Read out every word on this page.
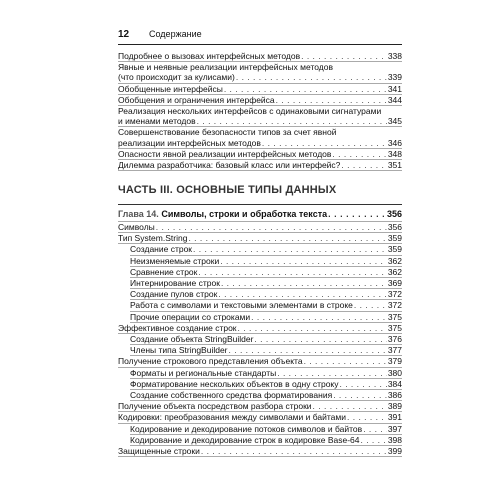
12	Содержание
Подробнее о вызовах интерфейсных методов . . .	338
Явные и неявные реализации интерфейсных методов
(что происходит за кулисами) . . .	339
Обобщенные интерфейсы . . .	341
Обобщения и ограничения интерфейса . . .	344
Реализация нескольких интерфейсов с одинаковыми сигнатурами
и именами методов . . .	345
Совершенствование безопасности типов за счет явной
реализации интерфейсных методов . . .	346
Опасности явной реализации интерфейсных методов . . .	348
Дилемма разработчика: базовый класс или интерфейс? . . .	351
ЧАСТЬ III. ОСНОВНЫЕ ТИПЫ ДАННЫХ
Глава 14.
Символы, строки и обработка текста . . .	356
Символы . . .	356
Тип System.String . . .	359
Создание строк . . .	359
Неизменяемые строки . . .	362
Сравнение строк . . .	362
Интернирование строк . . .	369
Создание пулов строк . . .	372
Работа с символами и текстовыми элементами в строке . . .	372
Прочие операции со строками . . .	375
Эффективное создание строк . . .	375
Создание объекта StringBuilder . . .	376
Члены типа StringBuilder . . .	377
Получение строкового представления объекта . . .	379
Форматы и региональные стандарты . . .	380
Форматирование нескольких объектов в одну строку . . .	384
Создание собственного средства форматирования . . .	386
Получение объекта посредством разбора строки . . .	389
Кодировки: преобразования между символами и байтами . . .	391
Кодирование и декодирование потоков символов и байтов . . .	397
Кодирование и декодирование строк в кодировке Base-64 . . .	398
Защищенные строки . . .	399
